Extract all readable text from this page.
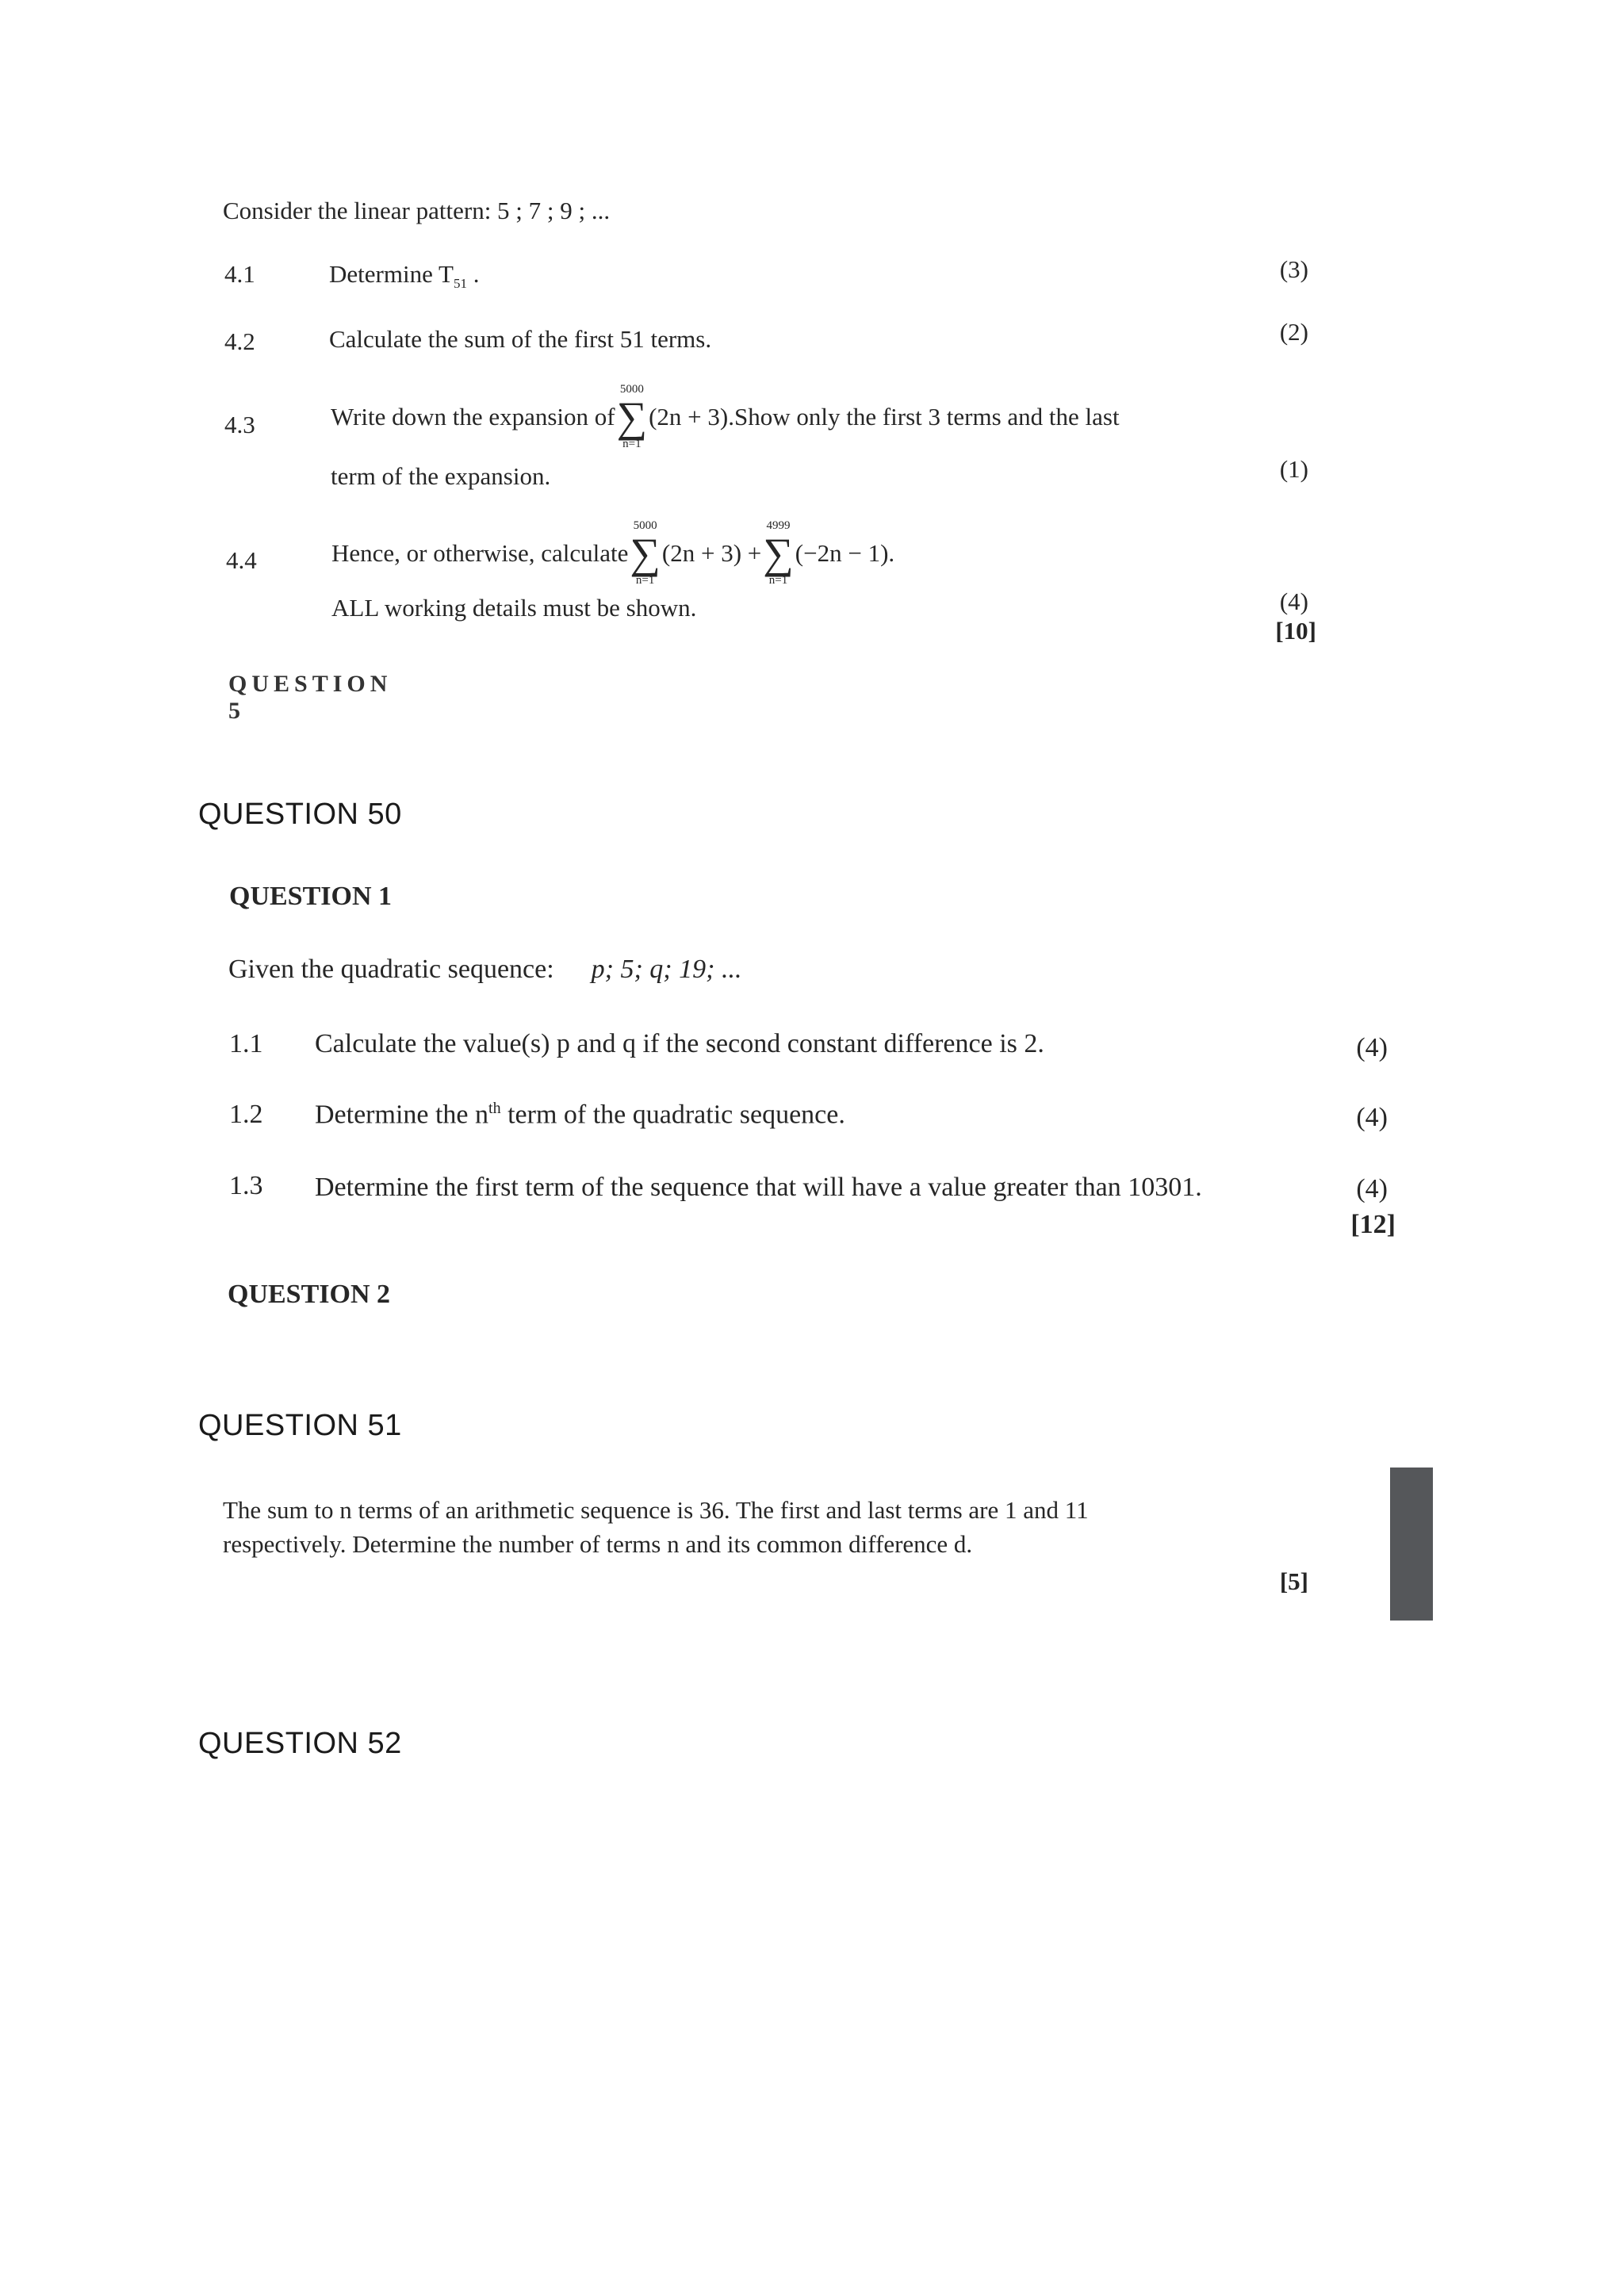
Consider the linear pattern: 5 ; 7 ; 9 ; ...
4.1	Determine $T_{51}$ .	(3)
4.2	Calculate the sum of the first 51 terms.	(2)
4.3	Write down the expansion of
5000
∑
n=1
(2n + 3). Show only the first 3 terms and the last
term of the expansion.	(1)
4.4	Hence, or otherwise, calculate
5000
∑
n=1
(2n + 3) +
4999
∑
n=1
(−2n − 1).
ALL working details must be shown.	(4)
[10]
QUESTION 5
QUESTION 50
QUESTION 1
Given the quadratic sequence: p; 5; q; 19; ...
1.1 Calculate the value(s) p and q if the second constant difference is 2.	(4)
1.2 Determine the $n^{th}$ term of the quadratic sequence.	(4)
1.3 Determine the first term of the sequence that will have a value greater than 10301.	(4)
[12]
QUESTION 2
QUESTION 51
The sum to n terms of an arithmetic sequence is 36. The first and last terms are 1 and 11
respectively. Determine the number of terms n and its common difference d.
[5]
QUESTION 52
